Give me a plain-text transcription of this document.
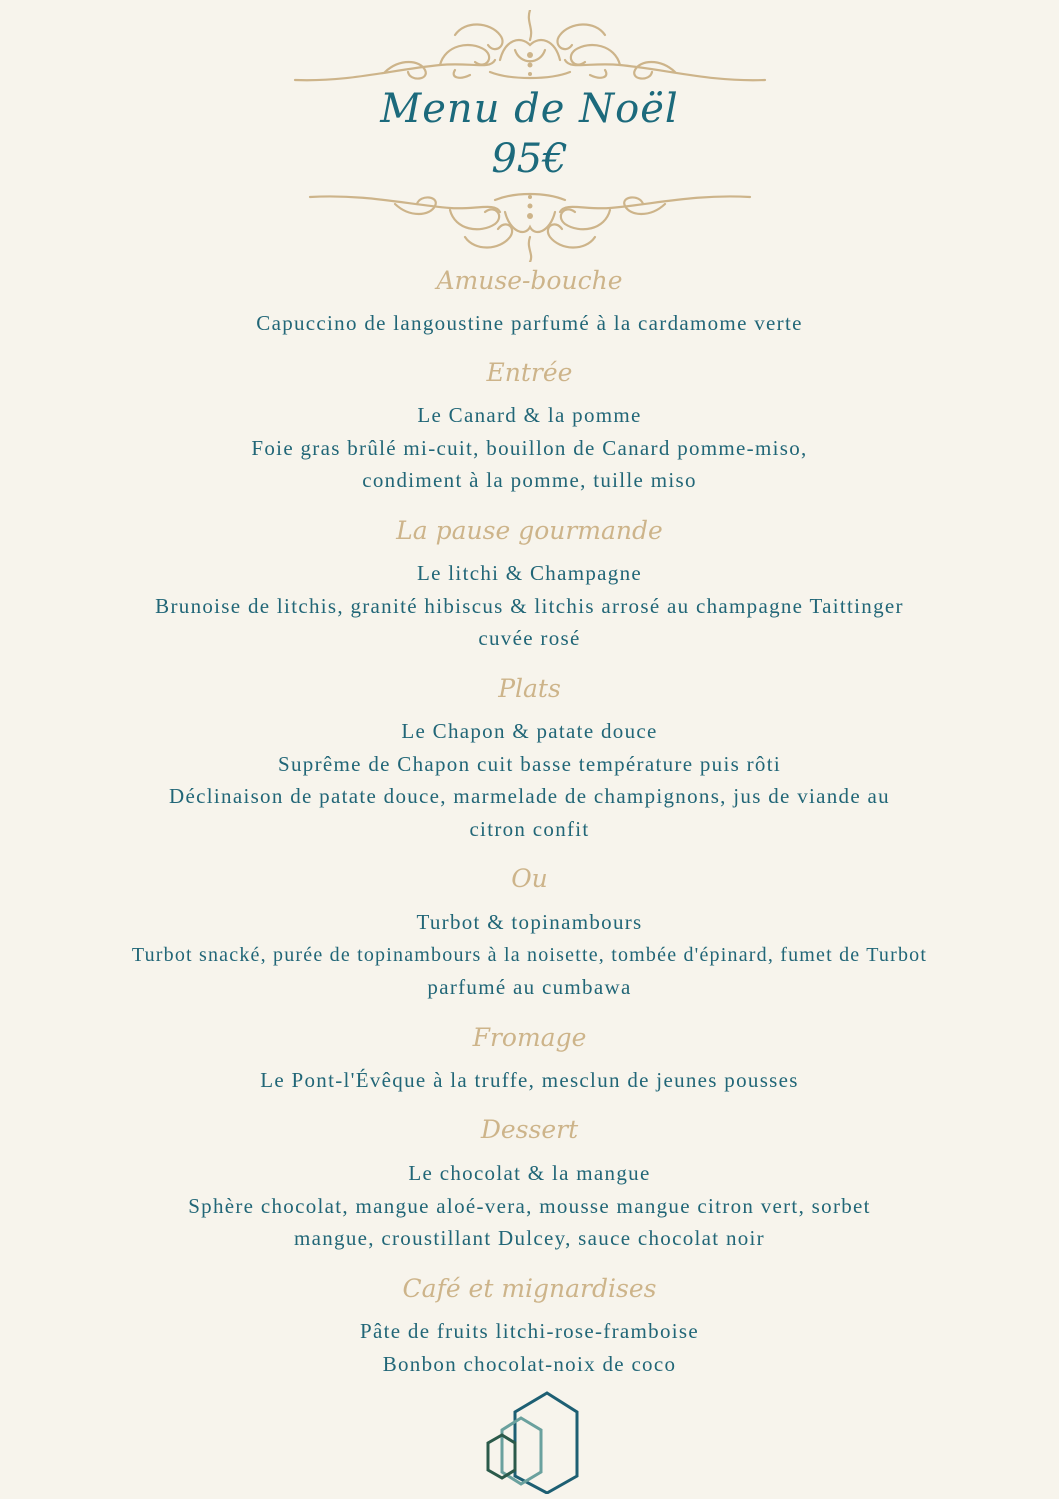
Menu de Noël
95€
Amuse-bouche
Capuccino de langoustine parfumé à la cardamome verte
Entrée
Le Canard & la pomme
Foie gras brûlé mi-cuit, bouillon de Canard pomme-miso,
condiment à la pomme, tuille miso
La pause gourmande
Le litchi & Champagne
Brunoise de litchis, granité hibiscus & litchis arrosé au champagne Taittinger
cuvée rosé
Plats
Le Chapon & patate douce
Suprême de Chapon cuit basse température puis rôti
Déclinaison de patate douce, marmelade de champignons, jus de viande au
citron confit
Ou
Turbot & topinambours
Turbot snacké, purée de topinambours à la noisette, tombée d'épinard, fumet de Turbot
parfumé au cumbawa
Fromage
Le Pont-l'Évêque à la truffe, mesclun de jeunes pousses
Dessert
Le chocolat & la mangue
Sphère chocolat, mangue aloé-vera, mousse mangue citron vert, sorbet
mangue, croustillant Dulcey, sauce chocolat noir
Café et mignardises
Pâte de fruits litchi-rose-framboise
Bonbon chocolat-noix de coco
